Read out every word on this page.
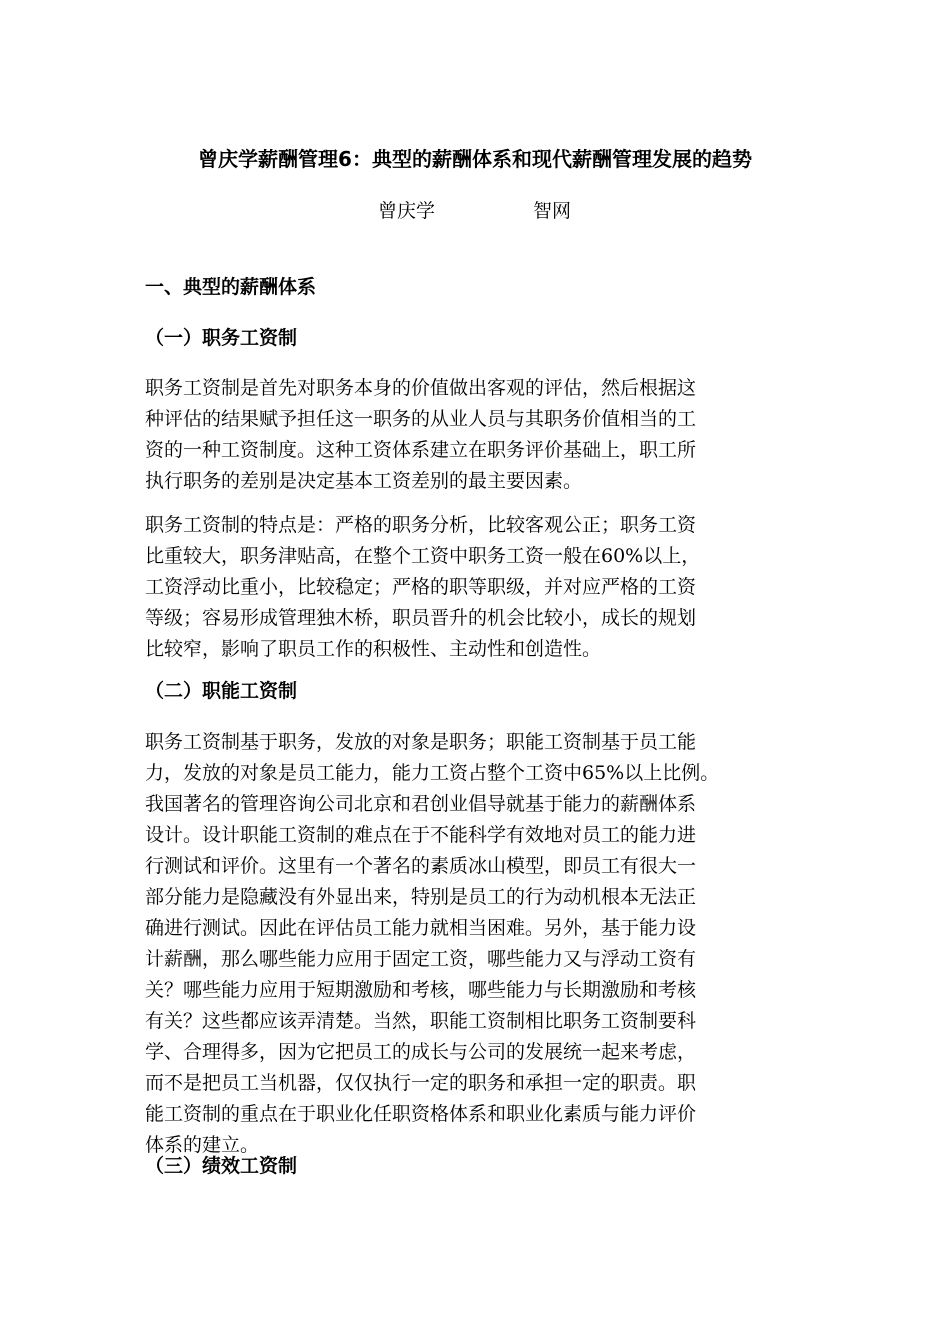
曾庆学薪酬管理6：典型的薪酬体系和现代薪酬管理发展的趋势
曾庆学	智网
一、典型的薪酬体系
（一）职务工资制
职务工资制是首先对职务本身的价值做出客观的评估，然后根据这
种评估的结果赋予担任这一职务的从业人员与其职务价值相当的工
资的一种工资制度。这种工资体系建立在职务评价基础上，职工所
执行职务的差别是决定基本工资差别的最主要因素。
职务工资制的特点是：严格的职务分析，比较客观公正；职务工资
比重较大，职务津贴高，在整个工资中职务工资一般在60%以上，
工资浮动比重小，比较稳定；严格的职等职级，并对应严格的工资
等级；容易形成管理独木桥，职员晋升的机会比较小，成长的规划
比较窄，影响了职员工作的积极性、主动性和创造性。
（二）职能工资制
职务工资制基于职务，发放的对象是职务；职能工资制基于员工能
力，发放的对象是员工能力，能力工资占整个工资中65%以上比例。
我国著名的管理咨询公司北京和君创业倡导就基于能力的薪酬体系
设计。设计职能工资制的难点在于不能科学有效地对员工的能力进
行测试和评价。这里有一个著名的素质冰山模型，即员工有很大一
部分能力是隐藏没有外显出来，特别是员工的行为动机根本无法正
确进行测试。因此在评估员工能力就相当困难。另外，基于能力设
计薪酬，那么哪些能力应用于固定工资，哪些能力又与浮动工资有
关？哪些能力应用于短期激励和考核，哪些能力与长期激励和考核
有关？这些都应该弄清楚。当然，职能工资制相比职务工资制要科
学、合理得多，因为它把员工的成长与公司的发展统一起来考虑，
而不是把员工当机器，仅仅执行一定的职务和承担一定的职责。职
能工资制的重点在于职业化任职资格体系和职业化素质与能力评价
体系的建立。
（三）绩效工资制
